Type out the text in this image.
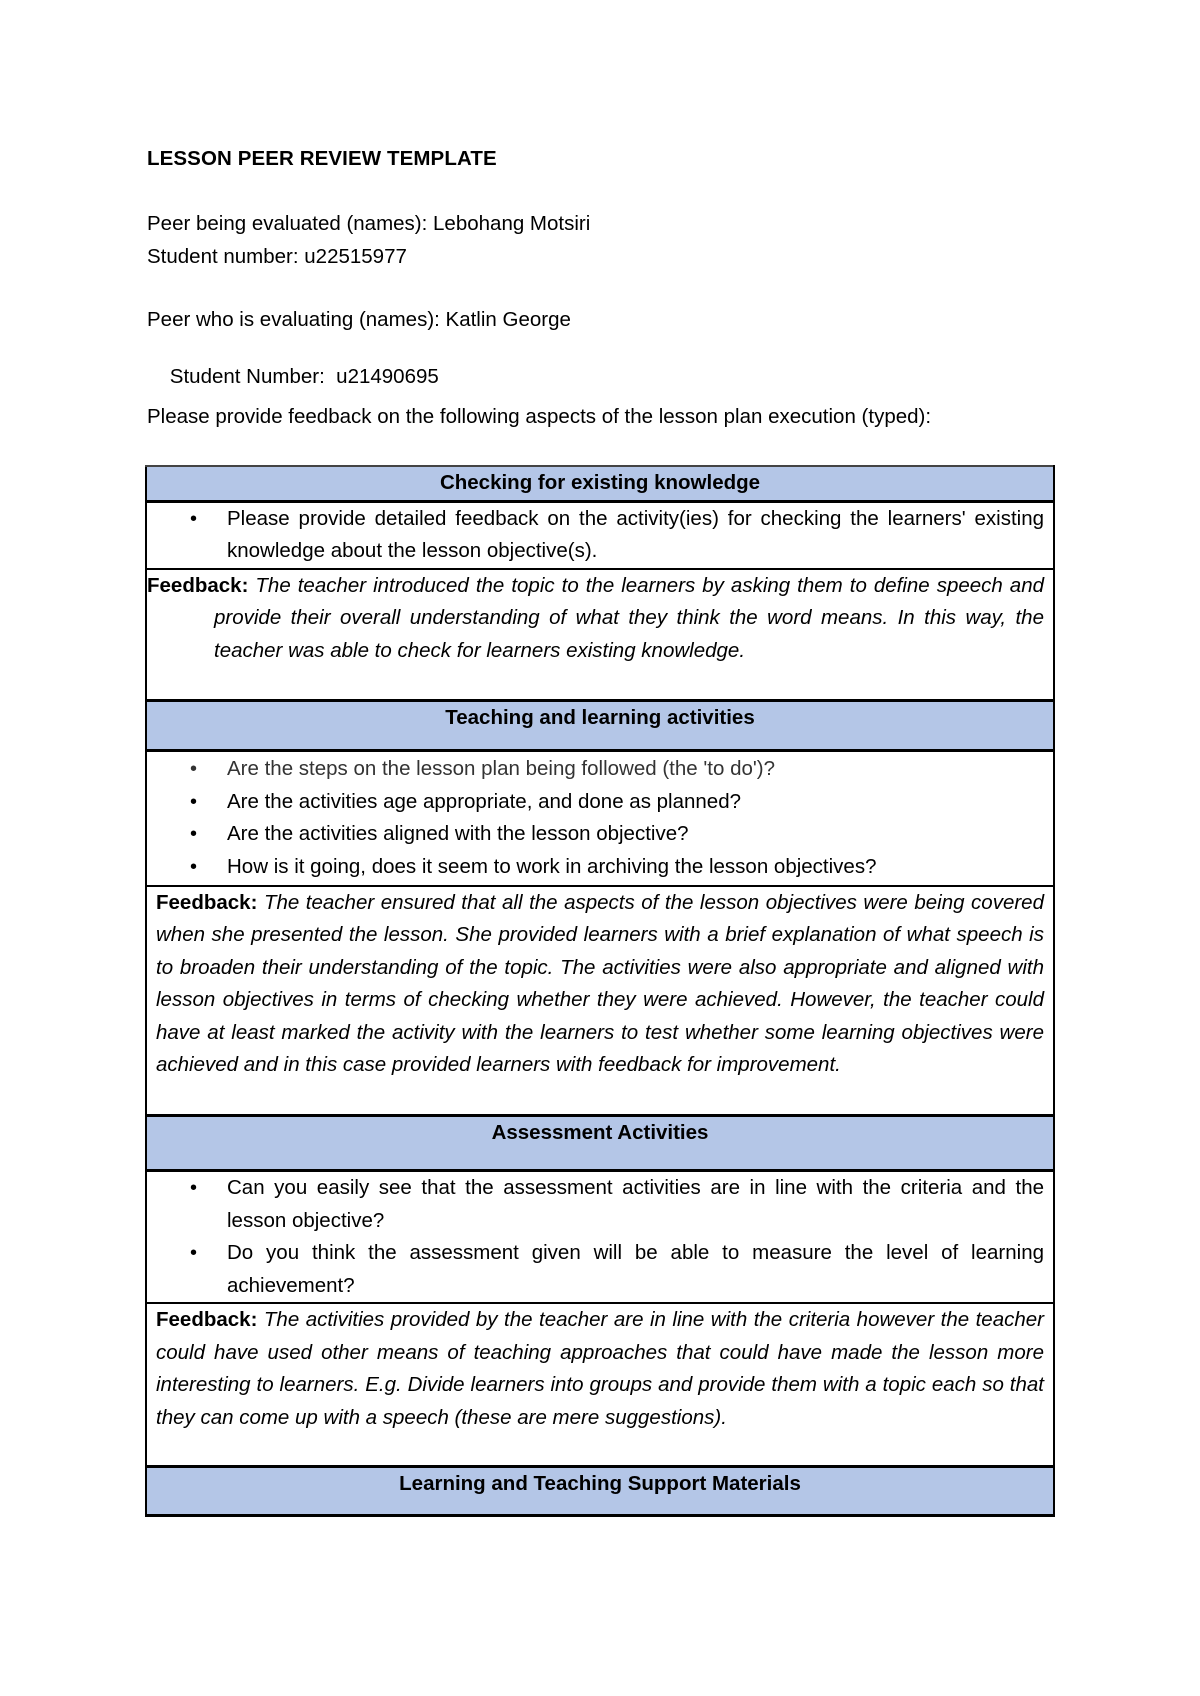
LESSON PEER REVIEW TEMPLATE
Peer being evaluated (names): Lebohang Motsiri
Student number: u22515977
Peer who is evaluating (names): Katlin George

Student Number:  u21490695

Please provide feedback on the following aspects of the lesson plan execution (typed):
Checking for existing knowledge

• Please provide detailed feedback on the activity(ies) for checking the learners' existing knowledge about the lesson objective(s).

Feedback: The teacher introduced the topic to the learners by asking them to define speech and provide their overall understanding of what they think the word means. In this way, the teacher was able to check for learners existing knowledge.
Teaching and learning activities

• Are the steps on the lesson plan being followed (the 'to do')?
• Are the activities age appropriate, and done as planned?
• Are the activities aligned with the lesson objective?
• How is it going, does it seem to work in archiving the lesson objectives?

Feedback: The teacher ensured that all the aspects of the lesson objectives were being covered when she presented the lesson. She provided learners with a brief explanation of what speech is to broaden their understanding of the topic. The activities were also appropriate and aligned with lesson objectives in terms of checking whether they were achieved. However, the teacher could have at least marked the activity with the learners to test whether some learning objectives were achieved and in this case provided learners with feedback for improvement.
Assessment Activities

• Can you easily see that the assessment activities are in line with the criteria and the lesson objective?
• Do you think the assessment given will be able to measure the level of learning achievement?

Feedback: The activities provided by the teacher are in line with the criteria however the teacher could have used other means of teaching approaches that could have made the lesson more interesting to learners. E.g. Divide learners into groups and provide them with a topic each so that they can come up with a speech (these are mere suggestions).
Learning and Teaching Support Materials
